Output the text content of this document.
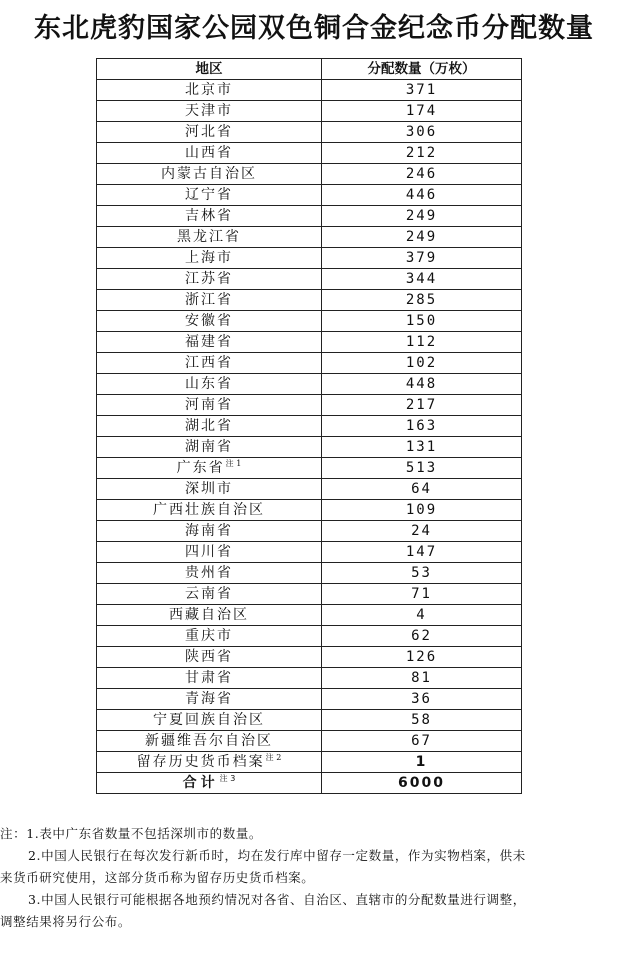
东北虎豹国家公园双色铜合金纪念币分配数量
地区	分配数量（万枚）
北京市	371
天津市	174
河北省	306
山西省	212
内蒙古自治区	246
辽宁省	446
吉林省	249
黑龙江省	249
上海市	379
江苏省	344
浙江省	285
安徽省	150
福建省	112
江西省	102
山东省	448
河南省	217
湖北省	163
湖南省	131
广东省$^{注 1}$	513
深圳市	64
广西壮族自治区	109
海南省	24
四川省	147
贵州省	53
云南省	71
西藏自治区	4
重庆市	62
陕西省	126
甘肃省	81
青海省	36
宁夏回族自治区	58
新疆维吾尔自治区	67
留存历史货币档案$^{注 2}$	1
合计$^{注 3}$	6000
注：1.表中广东省数量不包括深圳市的数量。
2.中国人民银行在每次发行新币时，均在发行库中留存一定数量，作为实物档案，供未
来货币研究使用，这部分货币称为留存历史货币档案。
3.中国人民银行可能根据各地预约情况对各省、自治区、直辖市的分配数量进行调整，
调整结果将另行公布。
